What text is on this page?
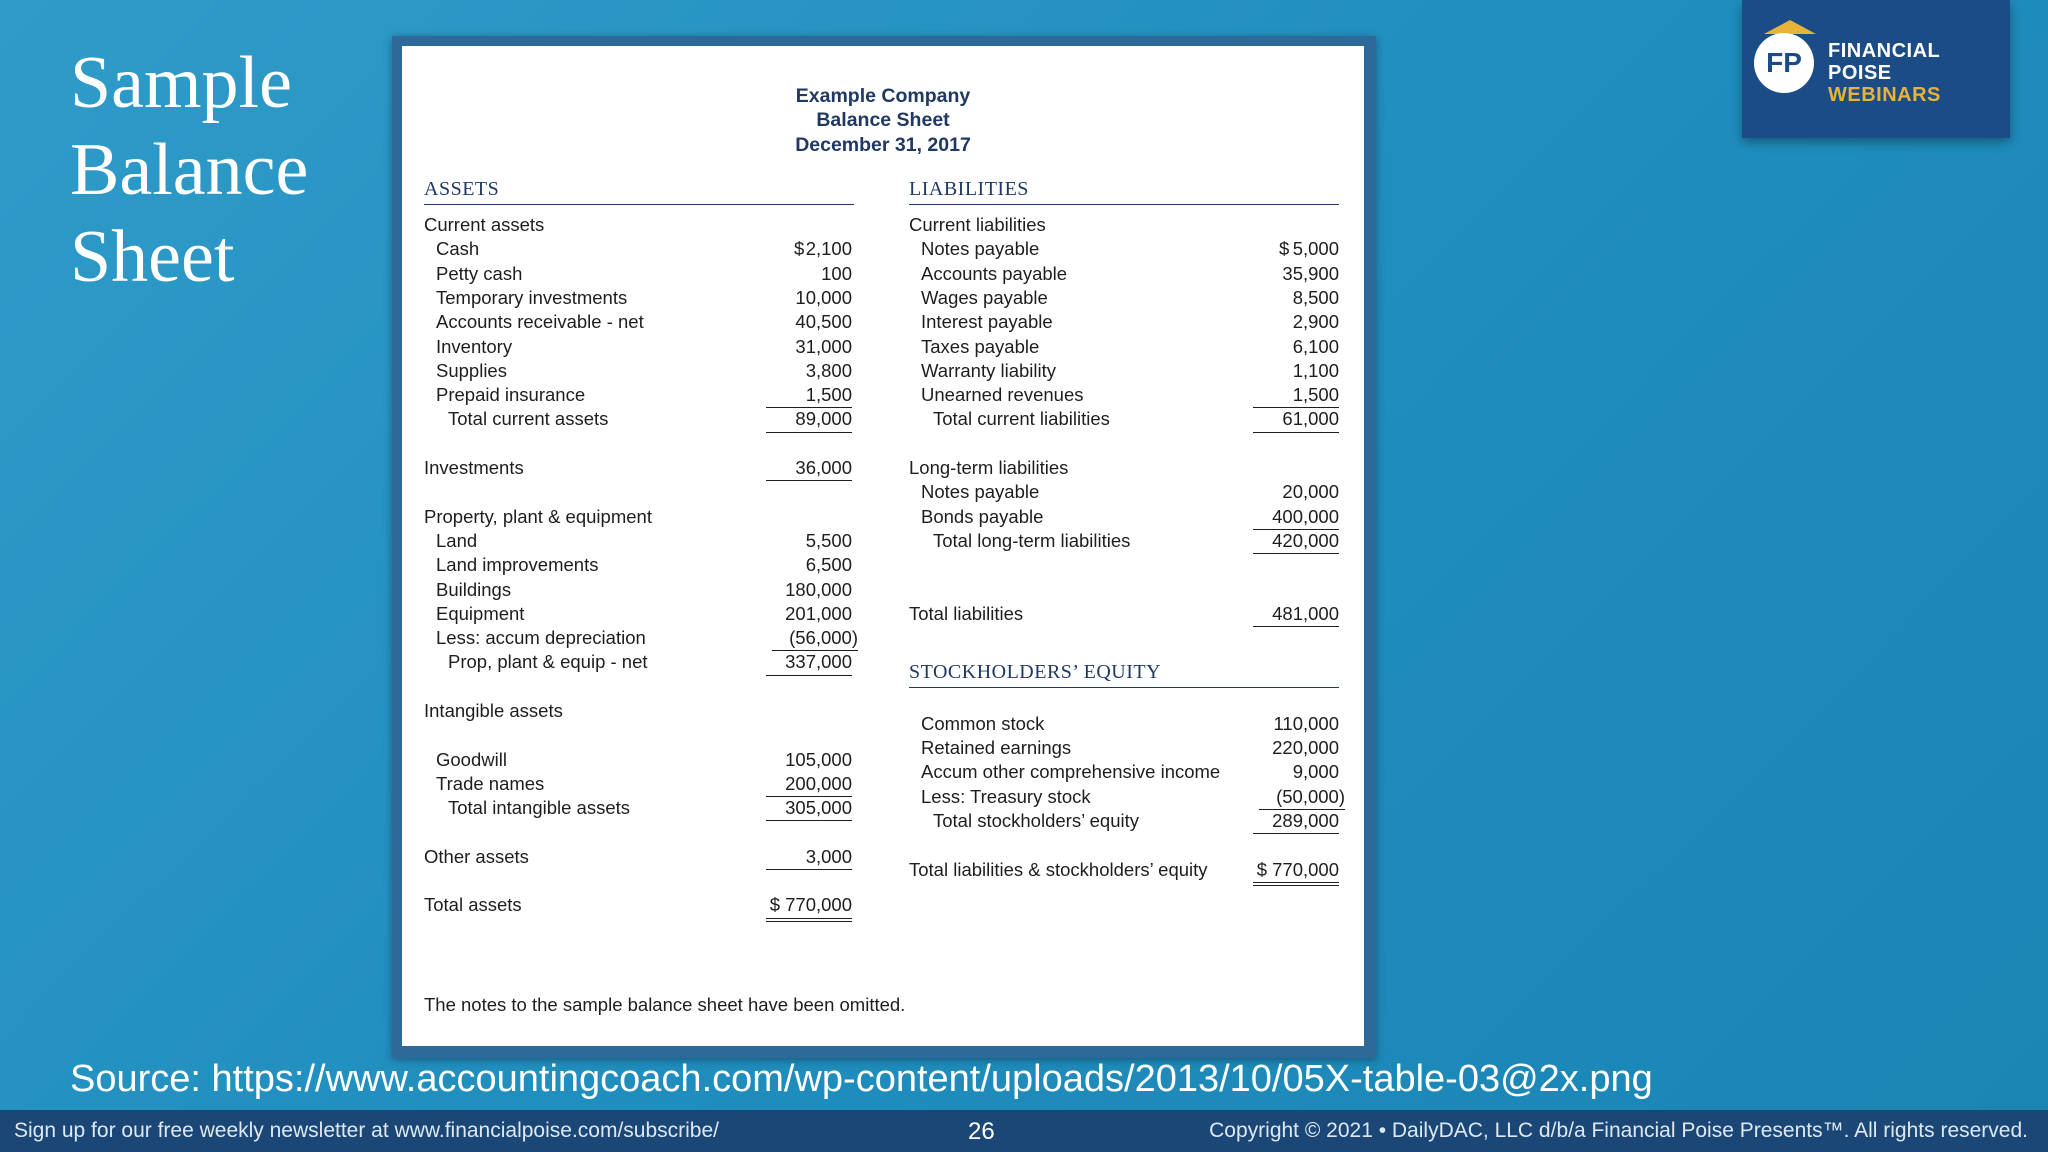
Sample
Balance
Sheet
FP	FINANCIAL
POISE WEBINARS
Example Company
Balance Sheet
December 31, 2017
ASSETS	LIABILITIES
STOCKHOLDERS’ EQUITY
Current assets
Cash	$ 2,100
Petty cash	100
Temporary investments	10,000
Accounts receivable - net	40,500
Inventory	31,000
Supplies	3,800
Prepaid insurance	1,500
Total current assets	89,000
Investments	36,000
Property, plant & equipment
Land	5,500
Land improvements	6,500
Buildings	180,000
Equipment	201,000
Less: accum depreciation	(56,000)
Prop, plant & equip - net	337,000
Intangible assets
Goodwill	105,000
Trade names	200,000
Total intangible assets	305,000
Other assets	3,000
Total assets	$ 770,000
Current liabilities
Notes payable	$ 5,000
Accounts payable	35,900
Wages payable	8,500
Interest payable	2,900
Taxes payable	6,100
Warranty liability	1,100
Unearned revenues	1,500
Total current liabilities	61,000
Long-term liabilities
Notes payable	20,000
Bonds payable	400,000
Total long-term liabilities	420,000
Total liabilities	481,000
Common stock	110,000
Retained earnings	220,000
Accum other comprehensive income	9,000
Less: Treasury stock	(50,000)
Total stockholders’ equity	289,000
Total liabilities & stockholders’ equity	$ 770,000
The notes to the sample balance sheet have been omitted.
Source: https://www.accountingcoach.com/wp-content/uploads/2013/10/05X-table-03@2x.png
Sign up for our free weekly newsletter at www.financialpoise.com/subscribe/	26	Copyright © 2021 • DailyDAC, LLC d/b/a Financial Poise Presents™. All rights reserved.
